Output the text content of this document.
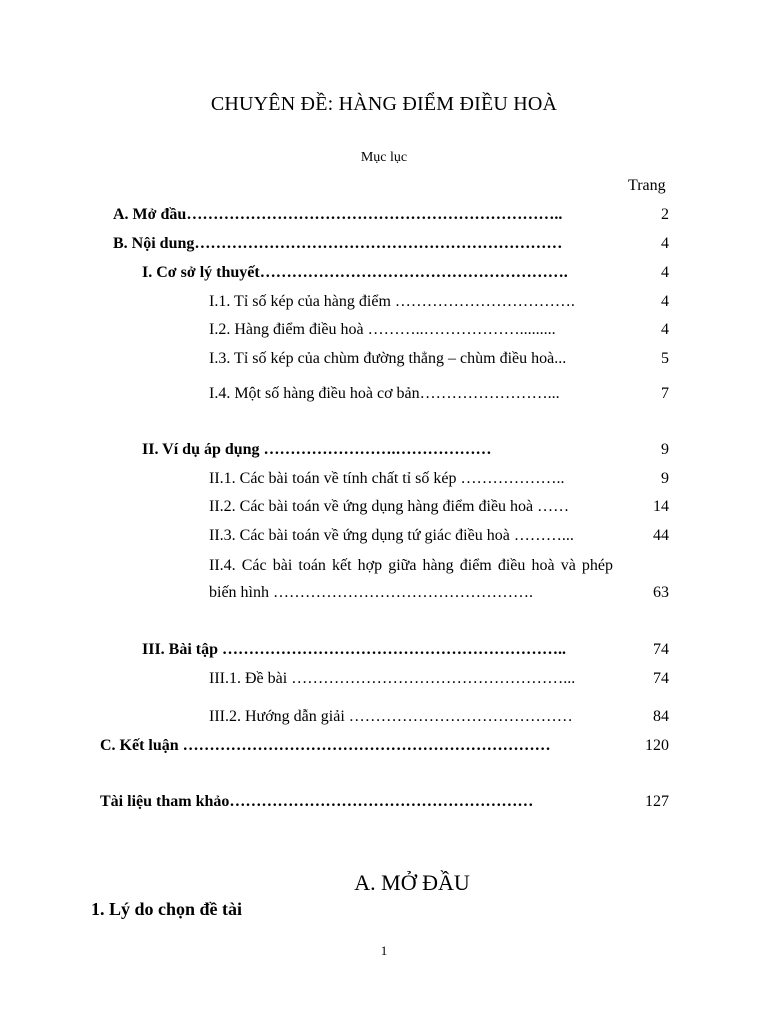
CHUYÊN ĐỀ: HÀNG ĐIỂM ĐIỀU HOÀ
Mục lục
Trang
A. Mở đầu……………………………………………………………..	2
B. Nội dung……………………………………………………………	4
I. Cơ sở lý thuyết………………………………………………….	4
I.1. Tỉ số kép của hàng điểm …………………………….	4
I.2. Hàng điểm điều hoà ………..……………….........	4
I.3. Tỉ số kép của chùm đường thẳng – chùm điều hoà...	5
I.4. Một số hàng điều hoà cơ bản……………………...	7
II. Ví dụ áp dụng …………………….………………	9
II.1. Các bài toán về tính chất tỉ số kép ………………..	9
II.2. Các bài toán về ứng dụng hàng điểm điều hoà ……	14
II.3. Các bài toán về ứng dụng tứ giác điều hoà ………...	44
II.4. Các bài toán kết hợp giữa hàng điểm điều hoà và phép biến hình ………………………………………….	63
III. Bài tập ………………………………………………………..	74
III.1. Đề bài ……………………………………………...	74
III.2. Hướng dẫn giải ……………………………………	84
C. Kết luận ……………………………………………………………	120
Tài liệu tham khảo…………………………………………………	127
A. MỞ ĐẦU
1. Lý do chọn đề tài
1
